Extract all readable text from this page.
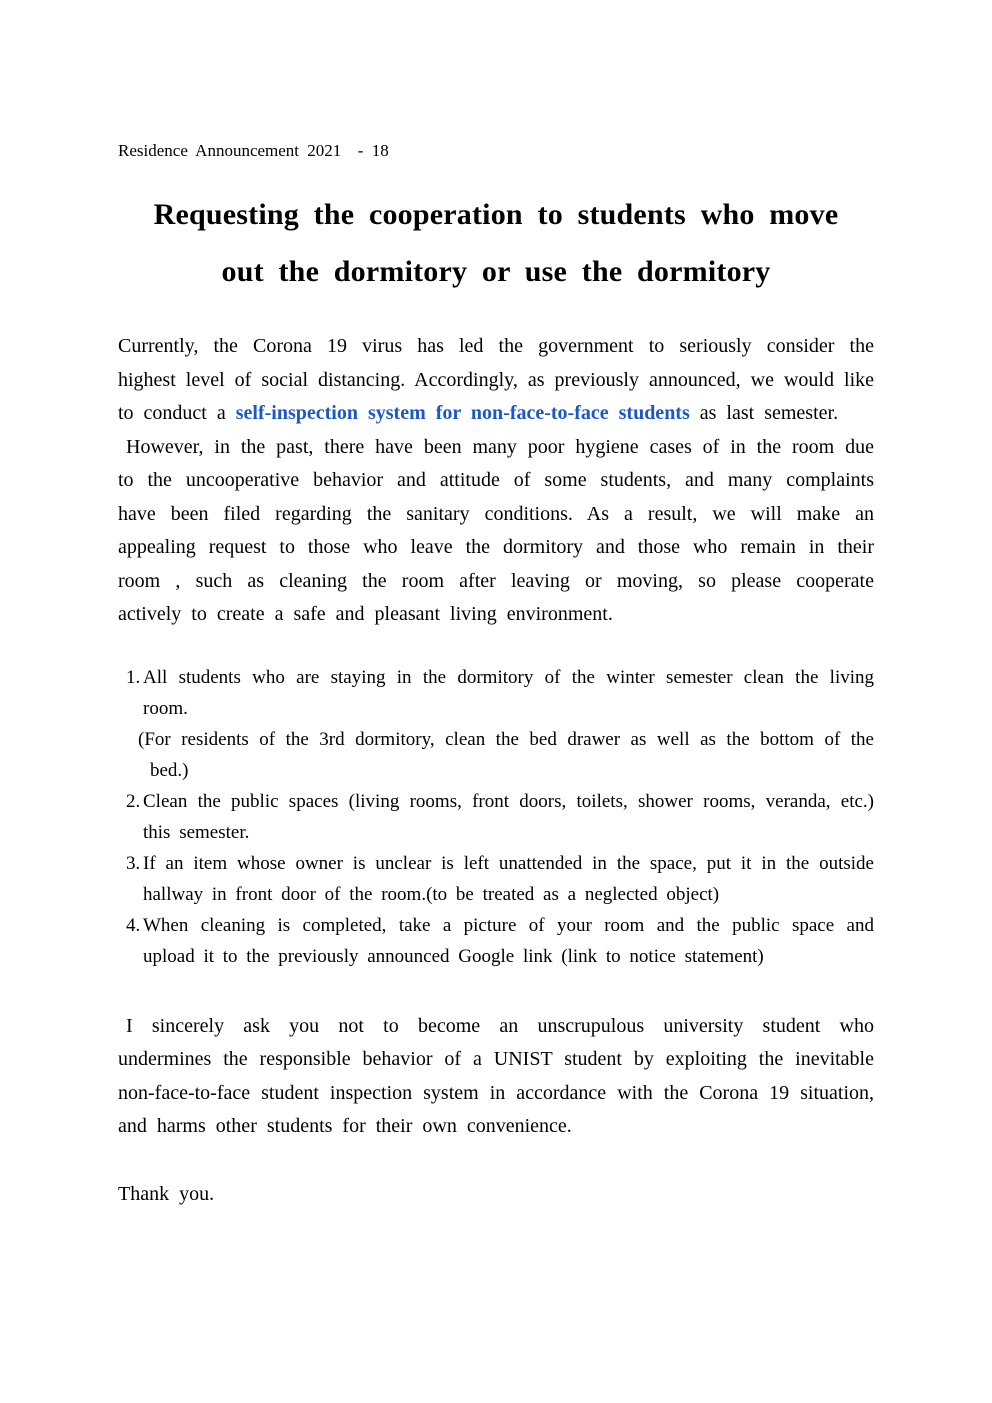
Residence Announcement 2021  - 18
Requesting the cooperation to students who move
out the dormitory or use the dormitory

Currently, the Corona 19 virus has led the government to seriously consider the highest level of social distancing. Accordingly, as previously announced, we would like to conduct a self-inspection system for non-face-to-face students as last semester.

However, in the past, there have been many poor hygiene cases of in the room due to the uncooperative behavior and attitude of some students, and many complaints have been filed regarding the sanitary conditions. As a result, we will make an appealing request to those who leave the dormitory and those who remain in their room , such as cleaning the room after leaving or moving, so please cooperate actively to create a safe and pleasant living environment.

1. All students who are staying in the dormitory of the winter semester clean the living room.
(For residents of the 3rd dormitory, clean the bed drawer as well as the bottom of the bed.)
2. Clean the public spaces (living rooms, front doors, toilets, shower rooms, veranda, etc.) this semester.
3. If an item whose owner is unclear is left unattended in the space, put it in the outside hallway in front door of the room.(to be treated as a neglected object)
4. When cleaning is completed, take a picture of your room and the public space and upload it to the previously announced Google link (link to notice statement)

I sincerely ask you not to become an unscrupulous university student who undermines the responsible behavior of a UNIST student by exploiting the inevitable non-face-to-face student inspection system in accordance with the Corona 19 situation, and harms other students for their own convenience.

Thank you.
